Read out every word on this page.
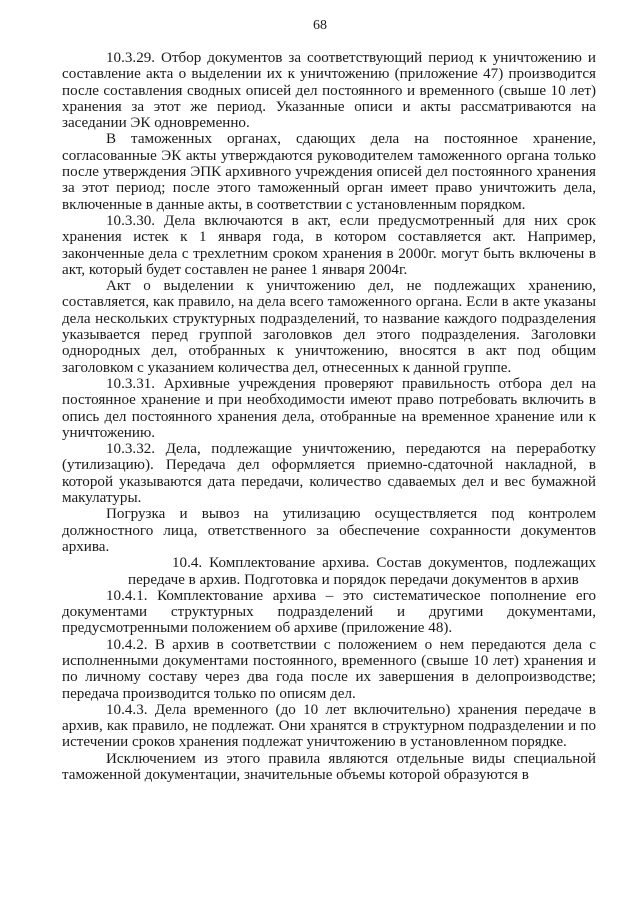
68

10.3.29. Отбор документов за соответствующий период к уничтожению и составление акта о выделении их к уничтожению (приложение 47) производится после составления сводных описей дел постоянного и временного (свыше 10 лет) хранения за этот же период. Указанные описи и акты рассматриваются на заседании ЭК одновременно.

В таможенных органах, сдающих дела на постоянное хранение, согласованные ЭК акты утверждаются руководителем таможенного органа только после утверждения ЭПК архивного учреждения описей дел постоянного хранения за этот период; после этого таможенный орган имеет право уничтожить дела, включенные в данные акты, в соответствии с установленным порядком.

10.3.30. Дела включаются в акт, если предусмотренный для них срок хранения истек к 1 января года, в котором составляется акт. Например, законченные дела с трехлетним сроком хранения в 2000г. могут быть включены в акт, который будет составлен не ранее 1 января 2004г.

Акт о выделении к уничтожению дел, не подлежащих хранению, составляется, как правило, на дела всего таможенного органа. Если в акте указаны дела нескольких структурных подразделений, то название каждого подразделения указывается перед группой заголовков дел этого подразделения. Заголовки однородных дел, отобранных к уничтожению, вносятся в акт под общим заголовком с указанием количества дел, отнесенных к данной группе.

10.3.31. Архивные учреждения проверяют правильность отбора дел на постоянное хранение и при необходимости имеют право потребовать включить в опись дел постоянного хранения дела, отобранные на временное хранение или к уничтожению.

10.3.32. Дела, подлежащие уничтожению, передаются на переработку (утилизацию). Передача дел оформляется приемно-сдаточной накладной, в которой указываются дата передачи, количество сдаваемых дел и вес бумажной макулатуры.

Погрузка и вывоз на утилизацию осуществляется под контролем должностного лица, ответственного за обеспечение сохранности документов архива.

10.4. Комплектование архива. Состав документов, подлежащих передаче в архив. Подготовка и порядок передачи документов в архив

10.4.1. Комплектование архива – это систематическое пополнение его документами структурных подразделений и другими документами, предусмотренными положением об архиве (приложение 48).

10.4.2. В архив в соответствии с положением о нем передаются дела с исполненными документами постоянного, временного (свыше 10 лет) хранения и по личному составу через два года после их завершения в делопроизводстве; передача производится только по описям дел.

10.4.3. Дела временного (до 10 лет включительно) хранения передаче в архив, как правило, не подлежат. Они хранятся в структурном подразделении и по истечении сроков хранения подлежат уничтожению в установленном порядке.

Исключением из этого правила являются отдельные виды специальной таможенной документации, значительные объемы которой образуются в
